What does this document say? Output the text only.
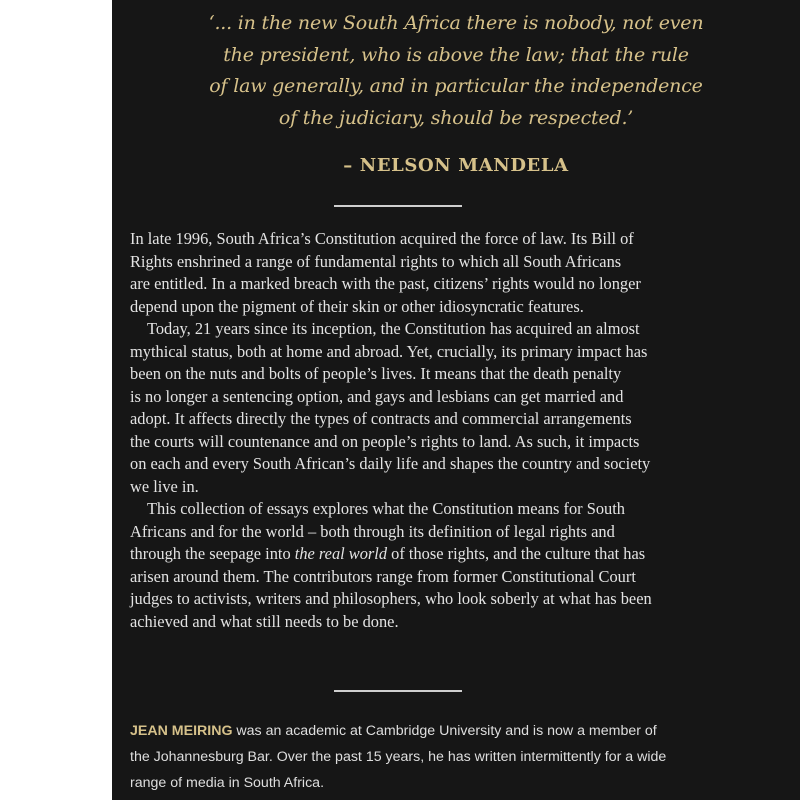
‘... in the new South Africa there is nobody, not even
the president, who is above the law; that the rule
of law generally, and in particular the independence
of the judiciary, should be respected.’
– NELSON MANDELA
In late 1996, South Africa’s Constitution acquired the force of law. Its Bill of
Rights enshrined a range of fundamental rights to which all South Africans
are entitled. In a marked breach with the past, citizens’ rights would no longer
depend upon the pigment of their skin or other idiosyncratic features.
Today, 21 years since its inception, the Constitution has acquired an almost
mythical status, both at home and abroad. Yet, crucially, its primary impact has
been on the nuts and bolts of people’s lives. It means that the death penalty
is no longer a sentencing option, and gays and lesbians can get married and
adopt. It affects directly the types of contracts and commercial arrangements
the courts will countenance and on people’s rights to land. As such, it impacts
on each and every South African’s daily life and shapes the country and society
we live in.
This collection of essays explores what the Constitution means for South
Africans and for the world – both through its definition of legal rights and
through the seepage into the real world of those rights, and the culture that has
arisen around them. The contributors range from former Constitutional Court
judges to activists, writers and philosophers, who look soberly at what has been
achieved and what still needs to be done.
JEAN MEIRING was an academic at Cambridge University and is now a member of
the Johannesburg Bar. Over the past 15 years, he has written intermittently for a wide
range of media in South Africa.
